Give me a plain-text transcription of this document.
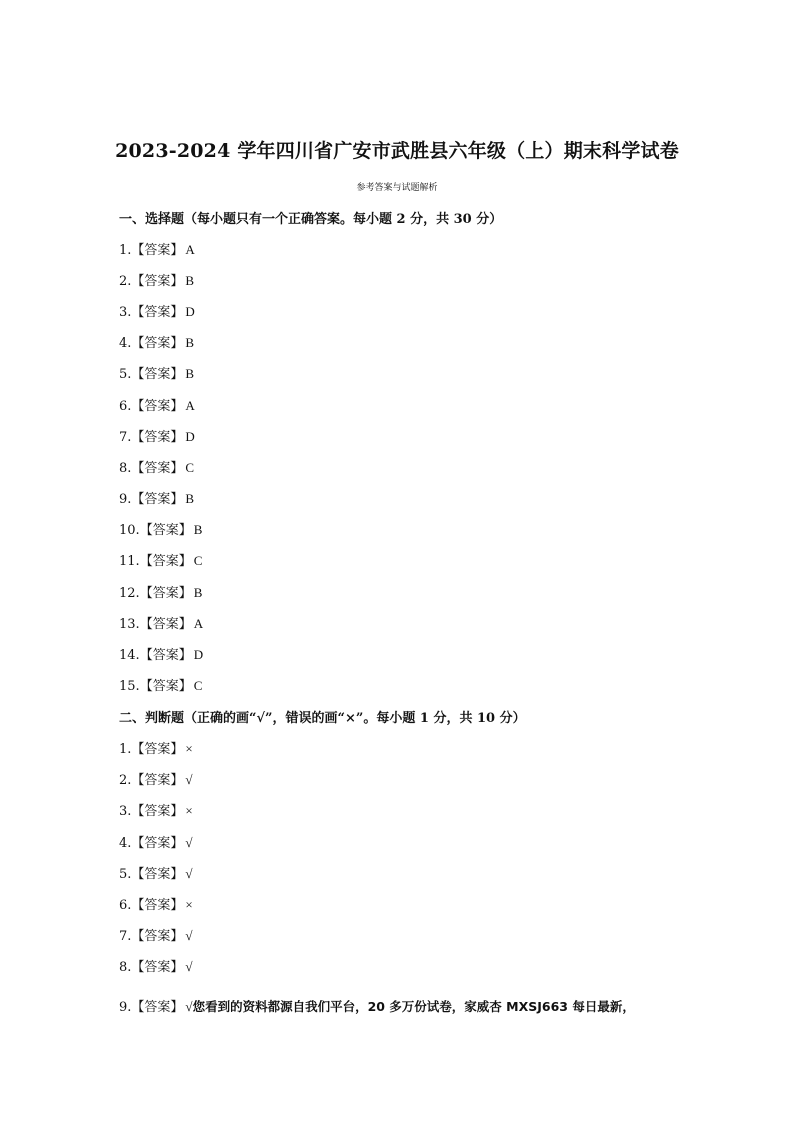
2023-2024 学年四川省广安市武胜县六年级（上）期末科学试卷
参考答案与试题解析
一、选择题（每小题只有一个正确答案。每小题 2 分，共 30 分）
1. 【答案】 A
2. 【答案】 B
3. 【答案】 D
4. 【答案】 B
5. 【答案】 B
6. 【答案】 A
7. 【答案】 D
8. 【答案】 C
9. 【答案】 B
10. 【答案】 B
11. 【答案】 C
12. 【答案】 B
13. 【答案】 A
14. 【答案】 D
15. 【答案】 C
二、判断题（正确的画“√”，错误的画“×”。每小题 1 分，共 10 分）
1. 【答案】 ×
2. 【答案】 √
3. 【答案】 ×
4. 【答案】 √
5. 【答案】 √
6. 【答案】 ×
7. 【答案】 √
8. 【答案】 √
9. 【答案】 √ 您看到的资料都源自我们平台，20 多万份试卷，家威杏 MXSJ663 每日最新，
